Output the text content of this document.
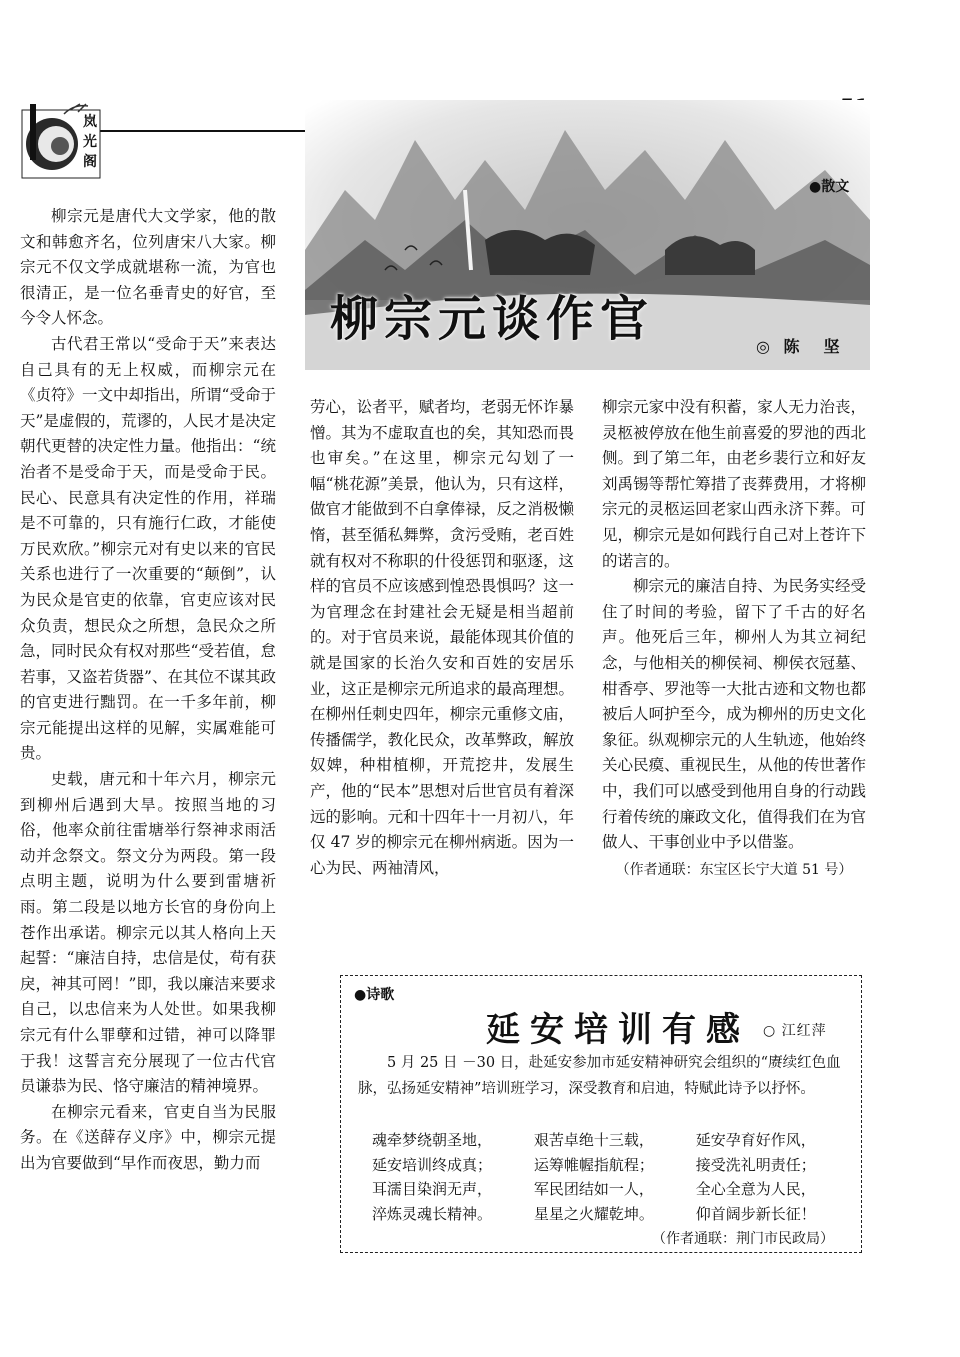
岚光阁
●散文
柳宗元谈作官	◎ 陈　坚

柳宗元是唐代大文学家，他的散文和韩愈齐名，位列唐宋八大家。柳宗元不仅文学成就堪称一流，为官也很清正，是一位名垂青史的好官，至今令人怀念。

古代君王常以“受命于天”来表达自己具有的无上权威，而柳宗元在《贞符》一文中却指出，所谓“受命于天”是虚假的，荒谬的，人民才是决定朝代更替的决定性力量。他指出：“统治者不是受命于天，而是受命于民。民心、民意具有决定性的作用，祥瑞是不可靠的，只有施行仁政，才能使万民欢欣。”柳宗元对有史以来的官民关系也进行了一次重要的“颠倒”，认为民众是官吏的依靠，官吏应该对民众负责，想民众之所想，急民众之所急，同时民众有权对那些“受若值，怠若事，又盗若货器”、在其位不谋其政的官吏进行黜罚。在一千多年前，柳宗元能提出这样的见解，实属难能可贵。

史载，唐元和十年六月，柳宗元到柳州后遇到大旱。按照当地的习俗，他率众前往雷塘举行祭神求雨活动并念祭文。祭文分为两段。第一段点明主题，说明为什么要到雷塘祈雨。第二段是以地方长官的身份向上苍作出承诺。柳宗元以其人格向上天起誓：“廉洁自持，忠信是仗，苟有获戾，神其可罔！”即，我以廉洁来要求自己，以忠信来为人处世。如果我柳宗元有什么罪孽和过错，神可以降罪于我！这誓言充分展现了一位古代官员谦恭为民、恪守廉洁的精神境界。

在柳宗元看来，官吏自当为民服务。在《送薛存义序》中，柳宗元提出为官要做到“早作而夜思，勤力而

劳心，讼者平，赋者均，老弱无怀诈暴憎。其为不虚取直也的矣，其知恐而畏也审矣。”在这里，柳宗元勾划了一幅“桃花源”美景，他认为，只有这样，做官才能做到不白拿俸禄，反之消极懒惰，甚至循私舞弊，贪污受贿，老百姓就有权对不称职的什役惩罚和驱逐，这样的官员不应该感到惶恐畏惧吗？这一为官理念在封建社会无疑是相当超前的。对于官员来说，最能体现其价值的就是国家的长治久安和百姓的安居乐业，这正是柳宗元所追求的最高理想。在柳州任刺史四年，柳宗元重修文庙，传播儒学，教化民众，改革弊政，解放奴婢，种柑植柳，开荒挖井，发展生产，他的“民本”思想对后世官员有着深远的影响。元和十四年十一月初八，年仅 47 岁的柳宗元在柳州病逝。因为一心为民、两袖清风，

柳宗元家中没有积蓄，家人无力治丧，灵柩被停放在他生前喜爱的罗池的西北侧。到了第二年，由老乡裴行立和好友刘禹锡等帮忙筹措了丧葬费用，才将柳宗元的灵柩运回老家山西永济下葬。可见，柳宗元是如何践行自己对上苍许下的诺言的。

柳宗元的廉洁自持、为民务实经受住了时间的考验，留下了千古的好名声。他死后三年，柳州人为其立祠纪念，与他相关的柳侯祠、柳侯衣冠墓、柑香亭、罗池等一大批古迹和文物也都被后人呵护至今，成为柳州的历史文化象征。纵观柳宗元的人生轨迹，他始终关心民瘼、重视民生，从他的传世著作中，我们可以感受到他用自身的行动践行着传统的廉政文化，值得我们在为官做人、干事创业中予以借鉴。

（作者通联：东宝区长宁大道 51 号）

●诗歌
延安培训有感 ○ 江红萍
5 月 25 日 －30 日，赴延安参加市延安精神研究会组织的“赓续红色血脉，弘扬延安精神”培训班学习，深受教育和启迪，特赋此诗予以抒怀。
魂牵梦绕朝圣地，	艰苦卓绝十三载，	延安孕育好作风，
延安培训终成真；	运筹帷幄指航程；	接受洗礼明责任；
耳濡目染润无声，	军民团结如一人，	全心全意为人民，
淬炼灵魂长精神。	星星之火耀乾坤。	仰首阔步新长征！
（作者通联：荆门市民政局）
